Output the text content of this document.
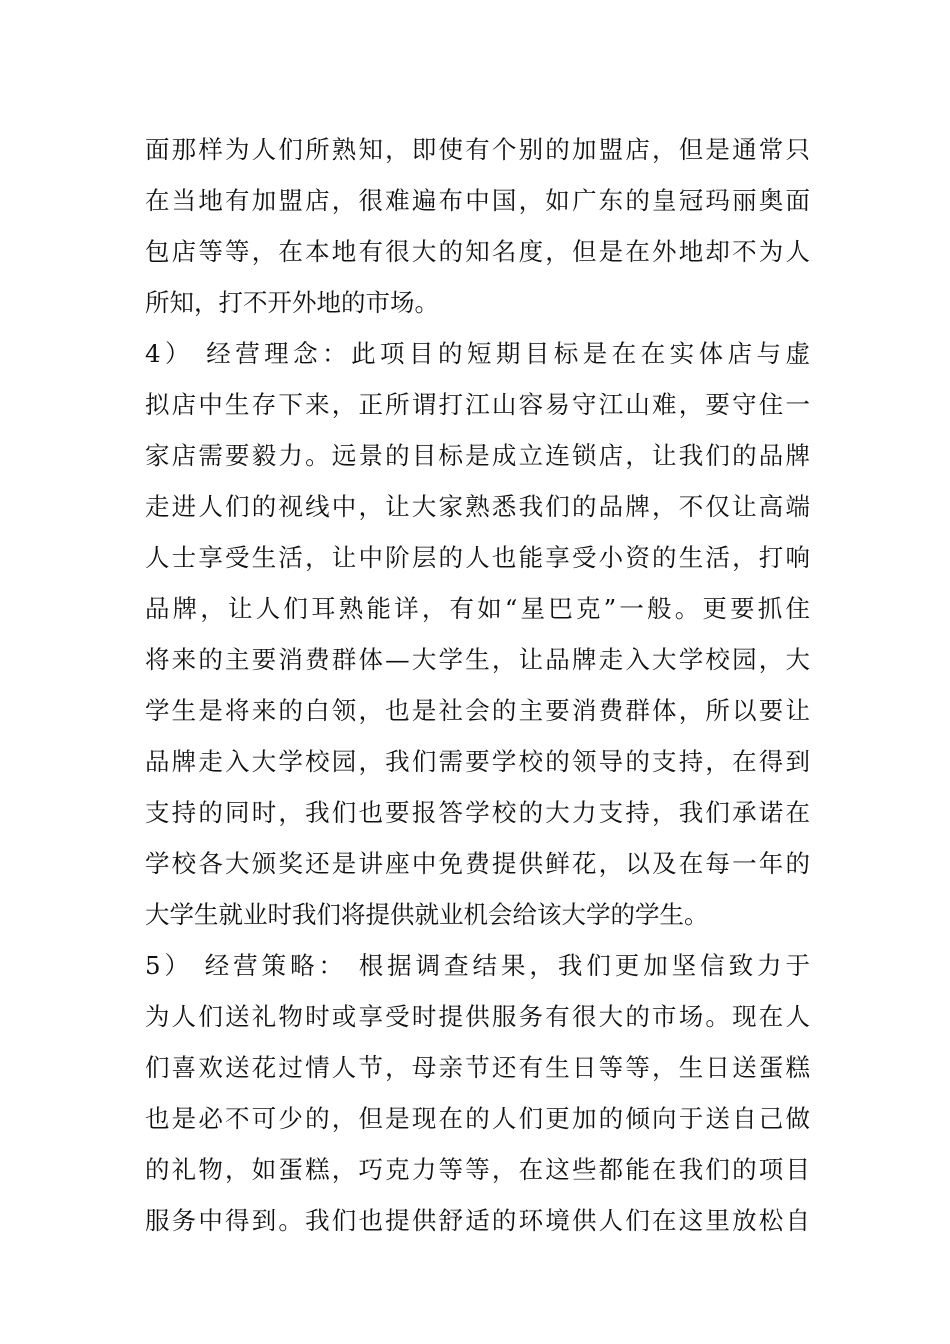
面那样为人们所熟知，即使有个别的加盟店，但是通常只
在当地有加盟店，很难遍布中国，如广东的皇冠玛丽奥面
包店等等，在本地有很大的知名度，但是在外地却不为人
所知，打不开外地的市场。
4） 经营理念：此项目的短期目标是在在实体店与虚
拟店中生存下来，正所谓打江山容易守江山难，要守住一
家店需要毅力。远景的目标是成立连锁店，让我们的品牌
走进人们的视线中，让大家熟悉我们的品牌，不仅让高端
人士享受生活，让中阶层的人也能享受小资的生活，打响
品牌，让人们耳熟能详，有如“星巴克”一般。更要抓住
将来的主要消费群体—大学生，让品牌走入大学校园，大
学生是将来的白领，也是社会的主要消费群体，所以要让
品牌走入大学校园，我们需要学校的领导的支持，在得到
支持的同时，我们也要报答学校的大力支持，我们承诺在
学校各大颁奖还是讲座中免费提供鲜花，以及在每一年的
大学生就业时我们将提供就业机会给该大学的学生。
5） 经营策略： 根据调查结果，我们更加坚信致力于
为人们送礼物时或享受时提供服务有很大的市场。现在人
们喜欢送花过情人节，母亲节还有生日等等，生日送蛋糕
也是必不可少的，但是现在的人们更加的倾向于送自己做
的礼物，如蛋糕，巧克力等等，在这些都能在我们的项目
服务中得到。我们也提供舒适的环境供人们在这里放松自
